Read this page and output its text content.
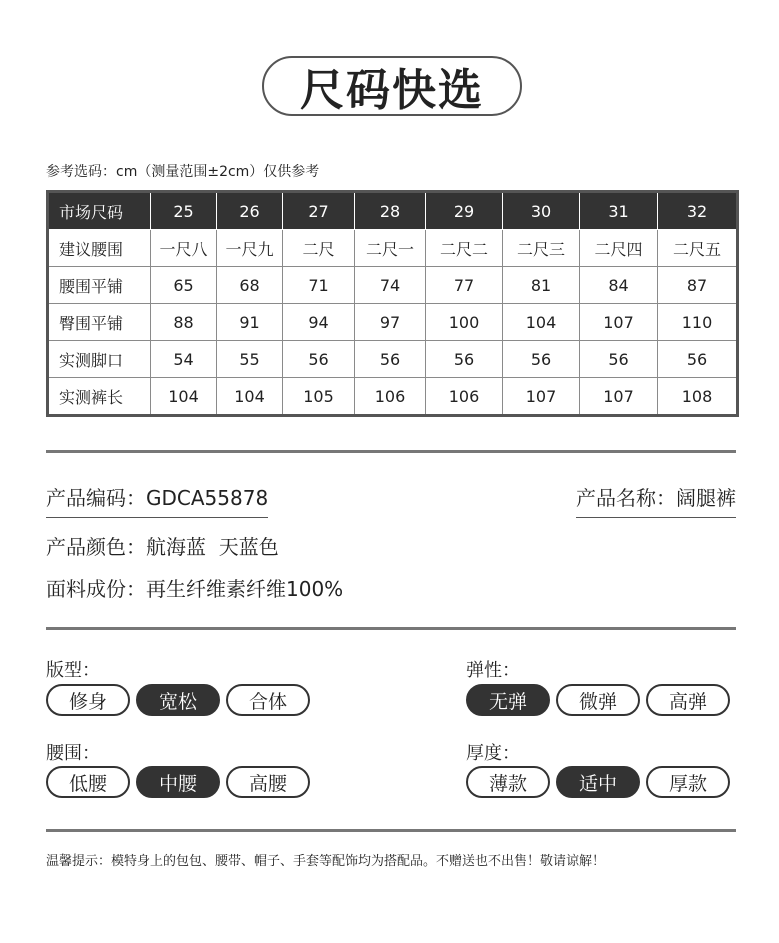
尺码快选
参考选码：cm（测量范围±2cm）仅供参考
市场尺码	25	26	27	28	29	30	31	32
建议腰围	一尺八	一尺九	二尺	二尺一	二尺二	二尺三	二尺四	二尺五
腰围平铺	65	68	71	74	77	81	84	87
臀围平铺	88	91	94	97	100	104	107	110
实测脚口	54	55	56	56	56	56	56	56
实测裤长	104	104	105	106	106	107	107	108
产品编码：GDCA55878	产品名称：阔腿裤
产品颜色：航海蓝  天蓝色
面料成份：再生纤维素纤维100%
版型：
修身	宽松	合体
弹性：
无弹	微弹	高弹
腰围：
低腰	中腰	高腰
厚度：
薄款	适中	厚款
温馨提示：模特身上的包包、腰带、帽子、手套等配饰均为搭配品。不赠送也不出售！敬请谅解！
